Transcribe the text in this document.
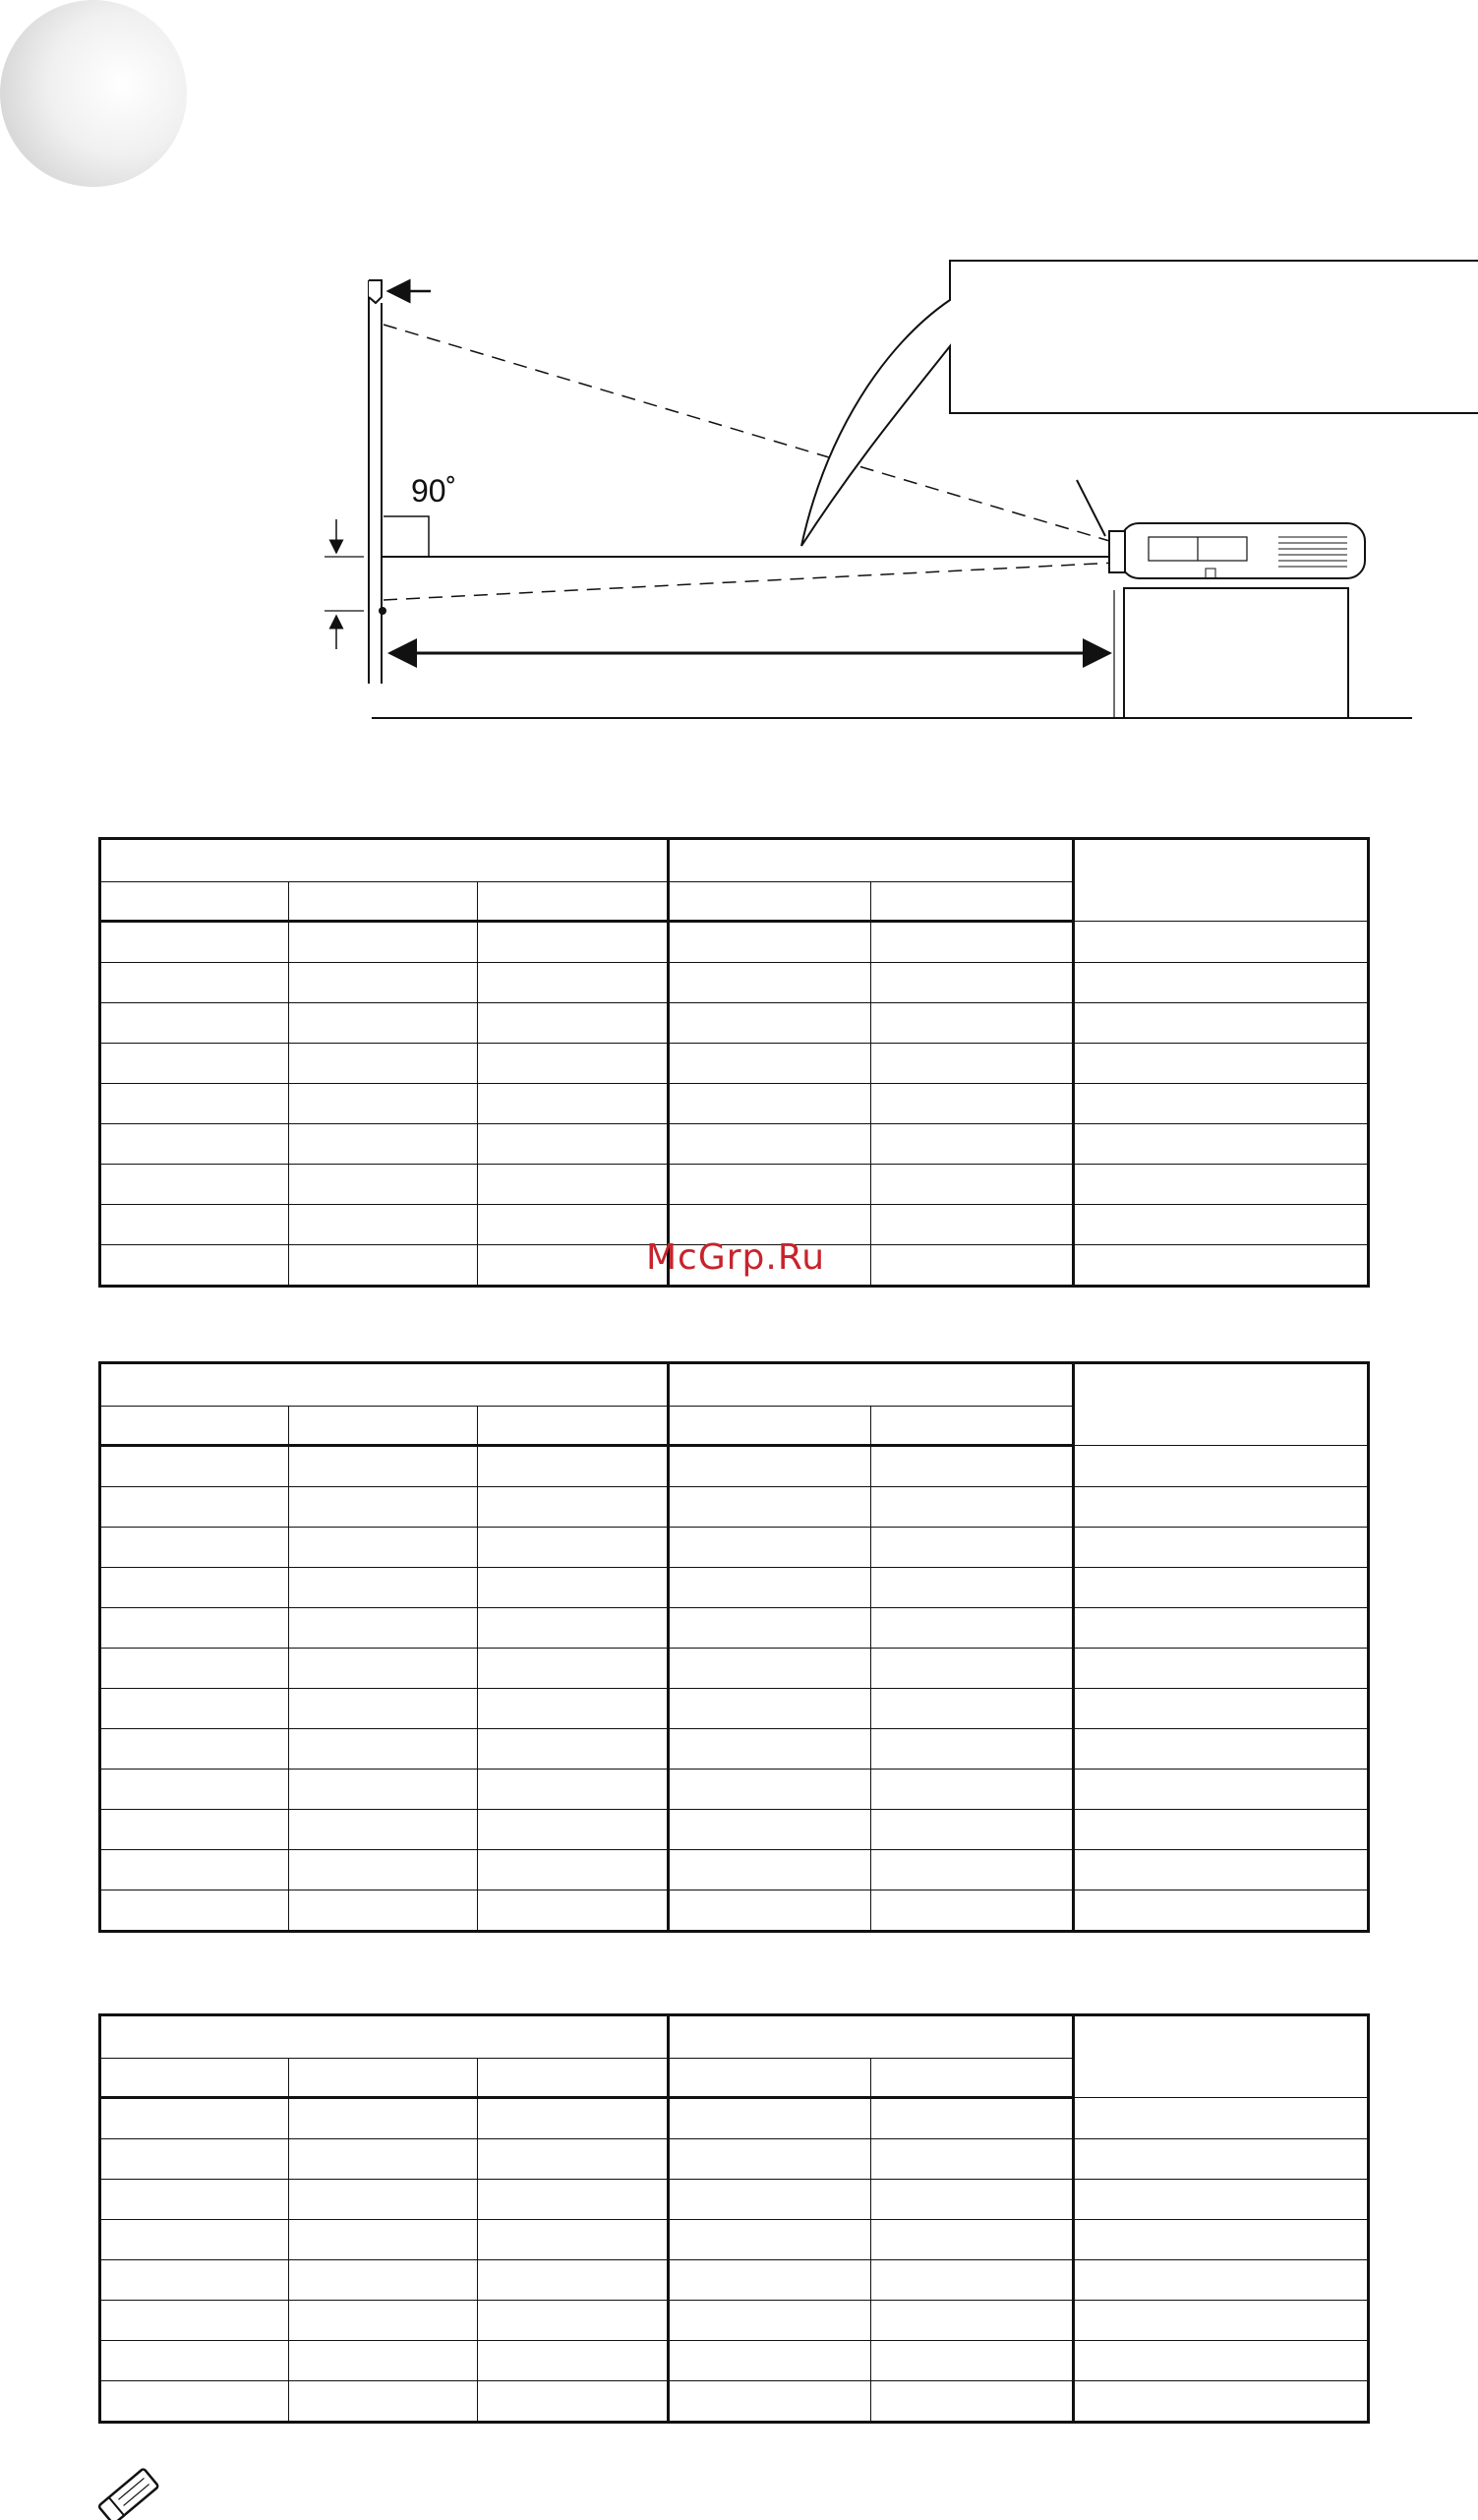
90˚

McGrp.Ru
